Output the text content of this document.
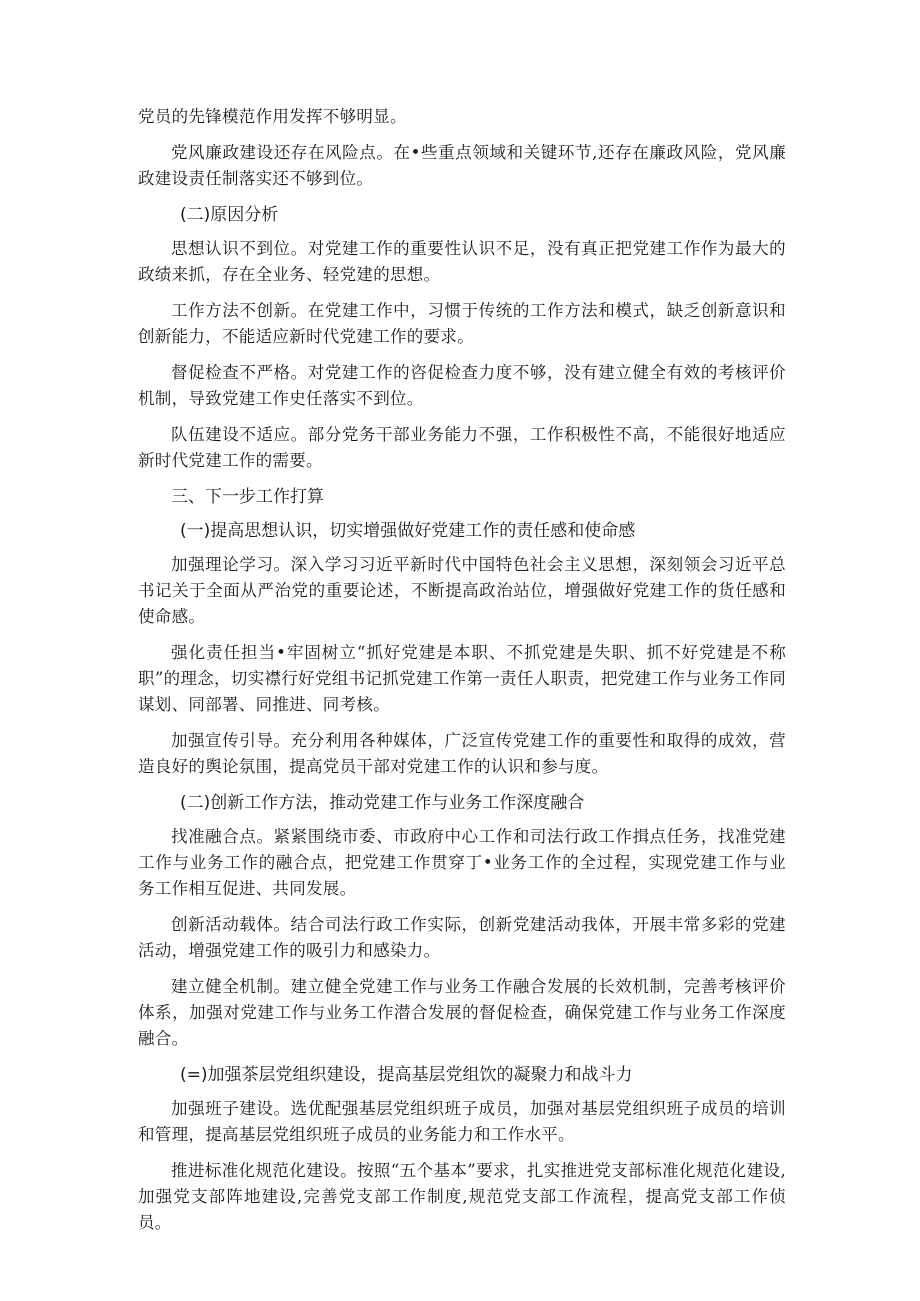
党员的先锋模范作用发挥不够明显。

党风廉政建设还存在风险点。在•些重点领域和关键环节,还存在廉政风险，党风廉政建设责任制落实还不够到位。

(二)原因分析

思想认识不到位。对党建工作的重要性认识不足，没有真正把党建工作作为最大的政绩来抓，存在全业务、轻党建的思想。

工作方法不创新。在党建工作中，习惯于传统的工作方法和模式，缺乏创新意识和创新能力，不能适应新时代党建工作的要求。

督促检查不严格。对党建工作的咨促检查力度不够，没有建立健全有效的考核评价机制，导致党建工作史任落实不到位。

队伍建设不适应。部分党务干部业务能力不强，工作积极性不高，不能很好地适应新时代党建工作的需要。

三、下一步工作打算
(一)提高思想认识，切实增强做好党建工作的责任感和使命感

加强理论学习。深入学习习近平新时代中国特色社会主义思想，深刻领会习近平总书记关于全面从严治党的重要论述，不断提高政治站位，增强做好党建工作的货任感和使命感。

强化责任担当•牢固树立“抓好党建是本职、不抓党建是失职、抓不好党建是不称职”的理念，切实襟行好党组书记抓党建工作第一责任人职责，把党建工作与业务工作同谋划、同部署、同推进、同考核。

加强宣传引导。充分利用各种媒体，广泛宣传党建工作的重要性和取得的成效，营造良好的舆论氛围，提高党员干部对党建工作的认识和参与度。

(二)创新工作方法，推动党建工作与业务工作深度融合

找准融合点。紧紧围绕市委、市政府中心工作和司法行政工作揖点任务，找准党建工作与业务工作的融合点，把党建工作贯穿丁•业务工作的全过程，实现党建工作与业务工作相互促进、共同发展。

创新活动载体。结合司法行政工作实际，创新党建活动我体，开展丰常多彩的党建活动，增强党建工作的吸引力和感染力。

建立健全机制。建立健全党建工作与业务工作融合发展的长效机制，完善考核评价体系，加强对党建工作与业务工作潜合发展的督促检查，确保党建工作与业务工作深度融合。

(=)加强茶层党组织建设，提高基层党组饮的凝聚力和战斗力

加强班子建设。选优配强基层党组织班子成员，加强对基层党组织班子成员的培训和管理，提高基层党组织班子成员的业务能力和工作水平。

推进标准化规范化建设。按照“五个基本”要求，扎实推进党支部标准化规范化建设,加强党支部阵地建设,完善党支部工作制度,规范党支部工作流程，提高党支部工作侦员。
